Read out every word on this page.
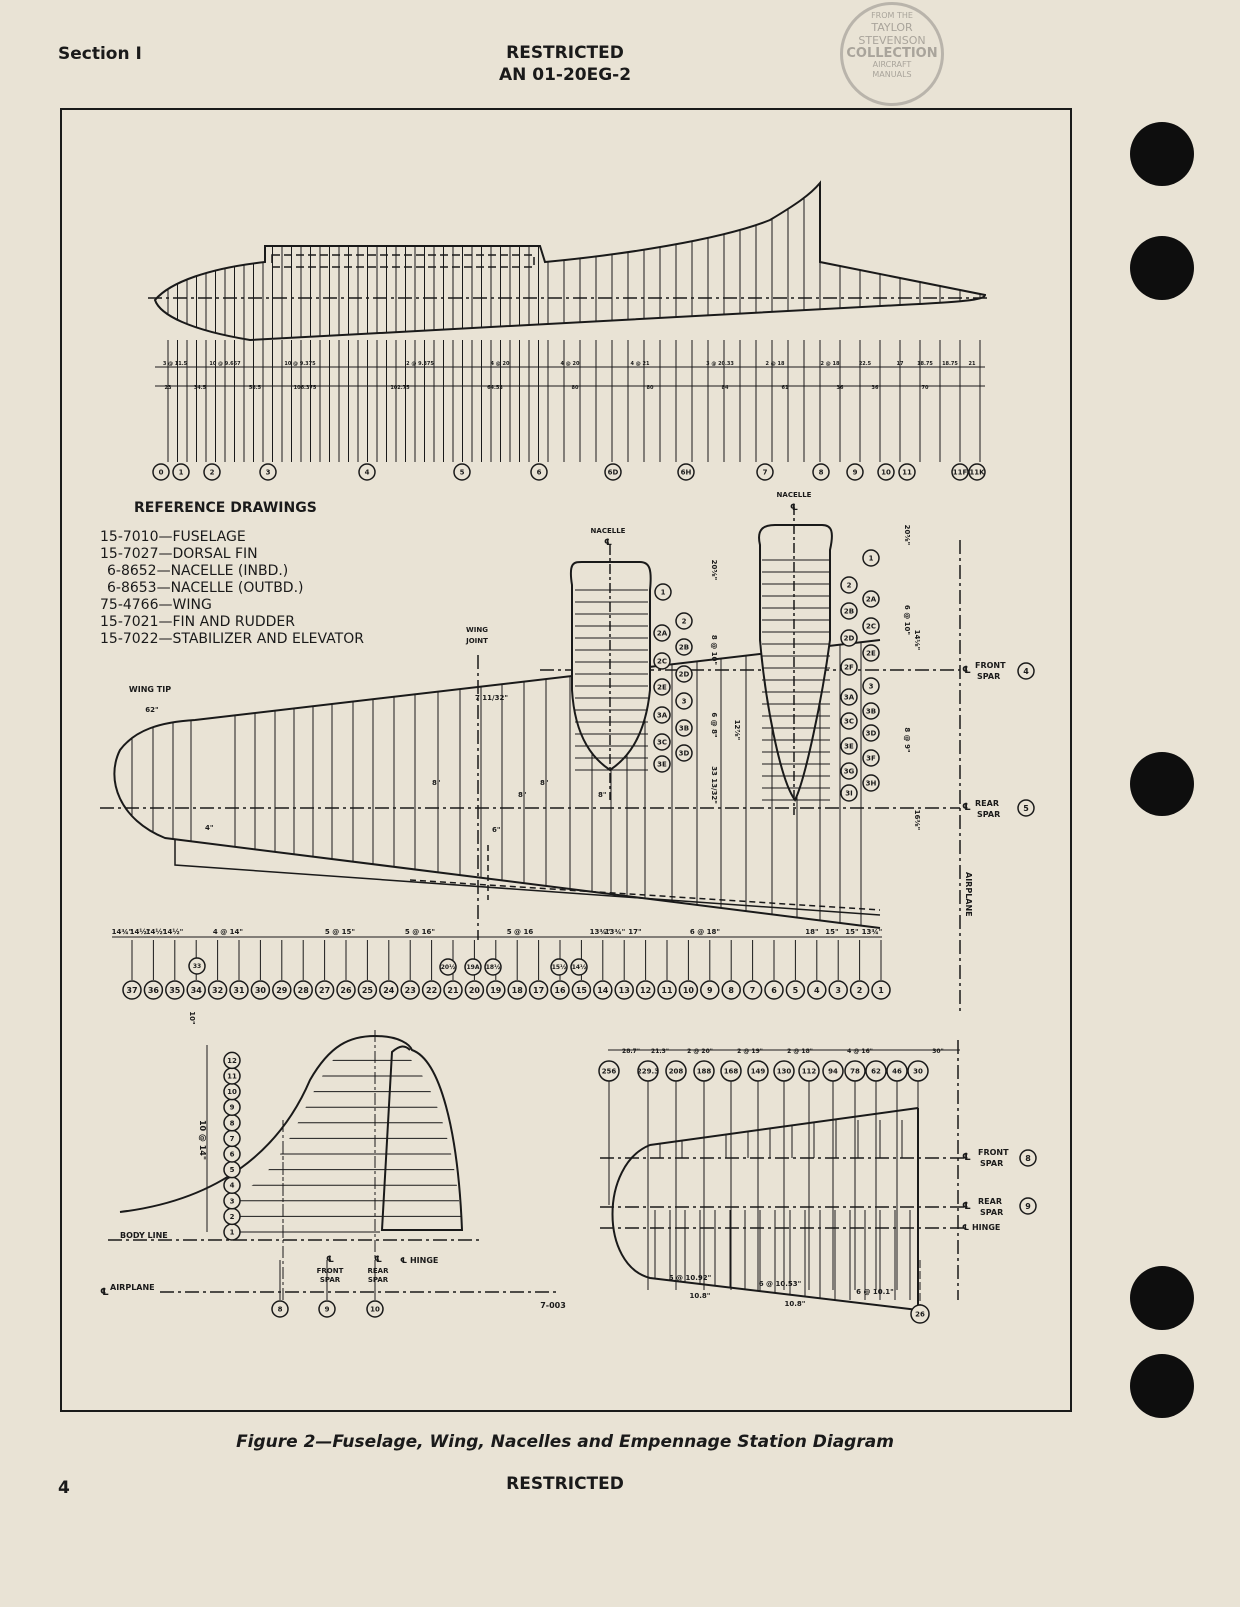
Section I	RESTRICTED
AN 01-20EG-2
FROM THE
TAYLOR
STEVENSON
COLLECTION
AIRCRAFT
MANUALS
REFERENCE DRAWINGS
15-7010—FUSELAGE
15-7027—DORSAL FIN
6-8652—NACELLE (INBD.)
6-8653—NACELLE (OUTBD.)
75-4766—WING
15-7021—FIN AND RUDDER
15-7022—STABILIZER AND ELEVATOR
0 1	2	3	4	5	6	6D	6H	7	8	9	10 11	11F 11K
3 @ 11.5	10 @ 9.667	10 @ 9.375	2 @ 9.375	4 @ 20	4 @ 20	4 @ 21	3 @ 20.33	2 @ 18	2 @ 18	22.5	17	18.75 18.75 21
23	34.5	58.5	106.375	102.75	64.53	80	80	84	61	36	36	70
37 36 35 34 32 31 30 29 28 27 26 25 24 23 22 21 20 19 18 17 16 15 14 13 12 11 10 9 8 7 6 5 4 3 2 1
33	20½ 19A 18½	15½ 14½
14¾"
14½"
14½"
14½"	4 @ 14"	5 @ 15"	5 @ 16"	5 @ 16	13¾"
13¾" 17"	6 @ 18"	18" 15" 15" 13¾"
8"
8"
8"
8"
4"	6"
7 11/32"
WING TIP
62"
WING
JOINT
NACELLE
℄
NACELLE
℄
℄ FRONT
SPAR
4
℄ REAR
SPAR
5
AIRPLANE
1
2
2A
2B
2C
2D
2E
3
3A
3B
3C
3D
3E
1
2
2A
2B
2C
2D
2E
2F
3
3A
3B
3C
3D
3E
3F
3G
3H
3I
20⅝"
8 @ 10"
6 @ 8" 12⅞"
33 13/32"
20⅝"
6 @ 10"
14⅛"
8 @ 9"
16⅜"
1
2
3
4
5
6
7
8
9
10
11
12
10 @ 14"
10"
BODY LINE
℄ AIRPLANE
℄
FRONT
SPAR
℄
REAR
SPAR
℄ HINGE
8	9	10	7-003
256	229.3 208 188 168 149 130 112 94 78 62 46 30
28.7" 21.3"	2 @ 20"	2 @ 19"	2 @ 18"	4 @ 16"	30"
5 @ 10.92"
10.8"
6 @ 10.53"
10.8"
6 @ 10.1"
℄ FRONT
SPAR
8
℄ REAR
SPAR
9
℄ HINGE
26
Figure 2—Fuselage, Wing, Nacelles and Empennage Station Diagram
4	RESTRICTED
